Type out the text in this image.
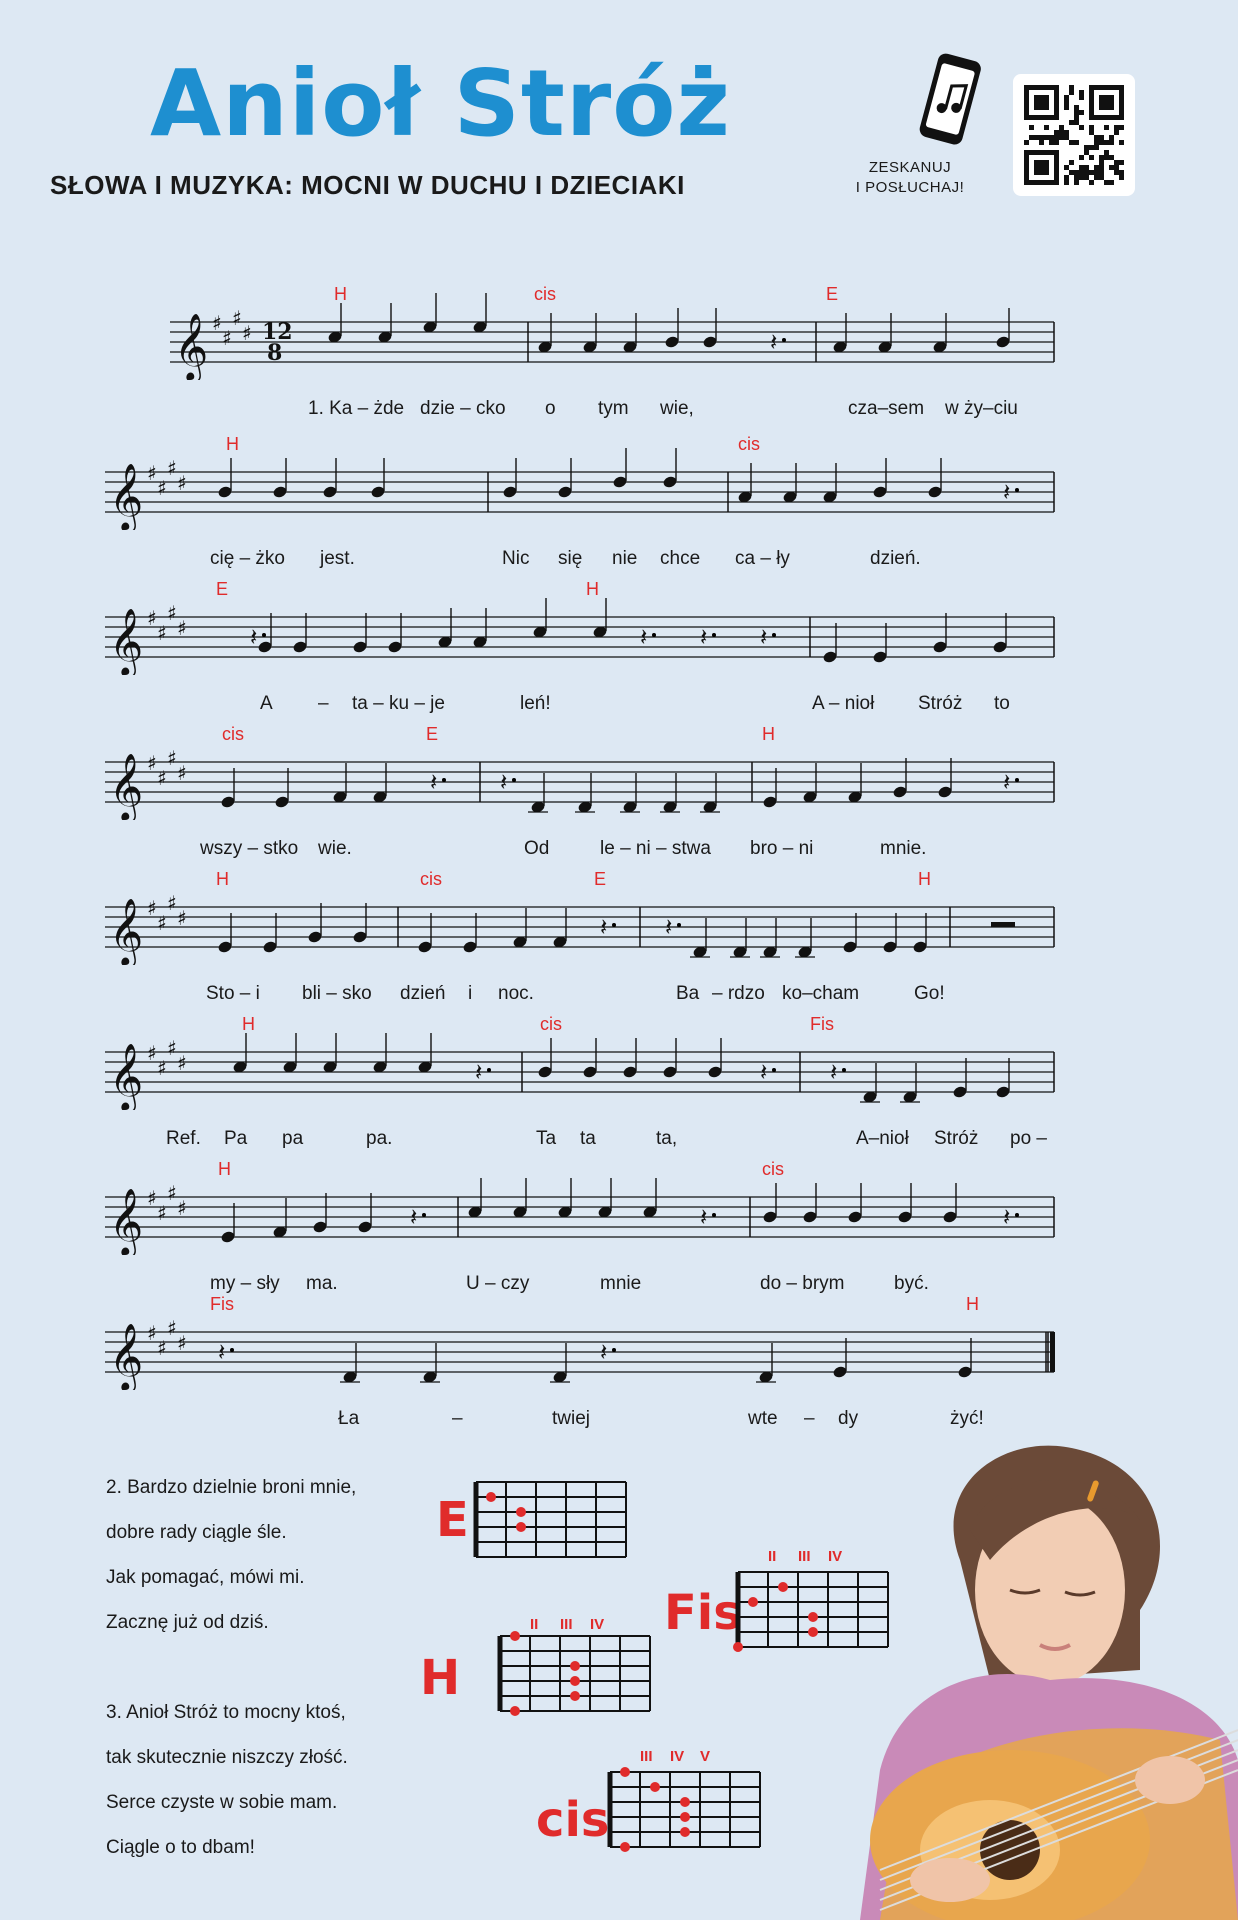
Anioł Stróż
SŁOWA I MUZYKA: MOCNI W DUCHU I DZIECIAKI
ZESKANUJ
I POSŁUCHAJ!
𝄞 ♯
♯
♯
♯ 12
8	𝄽
H	cis	E
1. Ka – żde dzie – cko o tym wie,	cza–sem w ży–ciu
𝄞 ♯
♯
♯
♯	𝄽
H	cis
cię – żko jest.	Nic się nie chce ca – ły	dzień.
𝄞 ♯
♯
♯
♯	𝄽	𝄽 𝄽 𝄽
E	H
A – ta – ku – je	leń!	A – nioł Stróż to
𝄞 ♯
♯
♯
♯	𝄽	𝄽	𝄽
cis	E	H
wszy – stko wie.	Od	le – ni – stwa bro – ni	mnie.
𝄞 ♯
♯
♯
♯	𝄽 𝄽
H	cis	E	H
Sto – i bli – sko dzień i noc.	Ba – rdzo ko–cham	Go!
𝄞 ♯
♯
♯
♯	𝄽	𝄽	𝄽
H	cis	Fis
Ref. Pa pa	pa.	Ta ta	ta,	A–nioł Stróż po –
𝄞 ♯
♯
♯
♯	𝄽	𝄽	𝄽
H	cis
my – sły ma.	U – czy	mnie	do – brym	być.
𝄞 ♯
♯
♯
♯ 𝄽	𝄽
Fis	H
Ła	–	twiej	wte – dy	żyć!
2. Bardzo dzielnie broni mnie,
dobre rady ciągle śle.
Jak pomagać, mówi mi.
Zacznę już od dziś.
3. Anioł Stróż to mocny ktoś,
tak skutecznie niszczy złość.
Serce czyste w sobie mam.
Ciągle o to dbam!
E
Fis
II III IV
H
II III IV
cis
III IV V
